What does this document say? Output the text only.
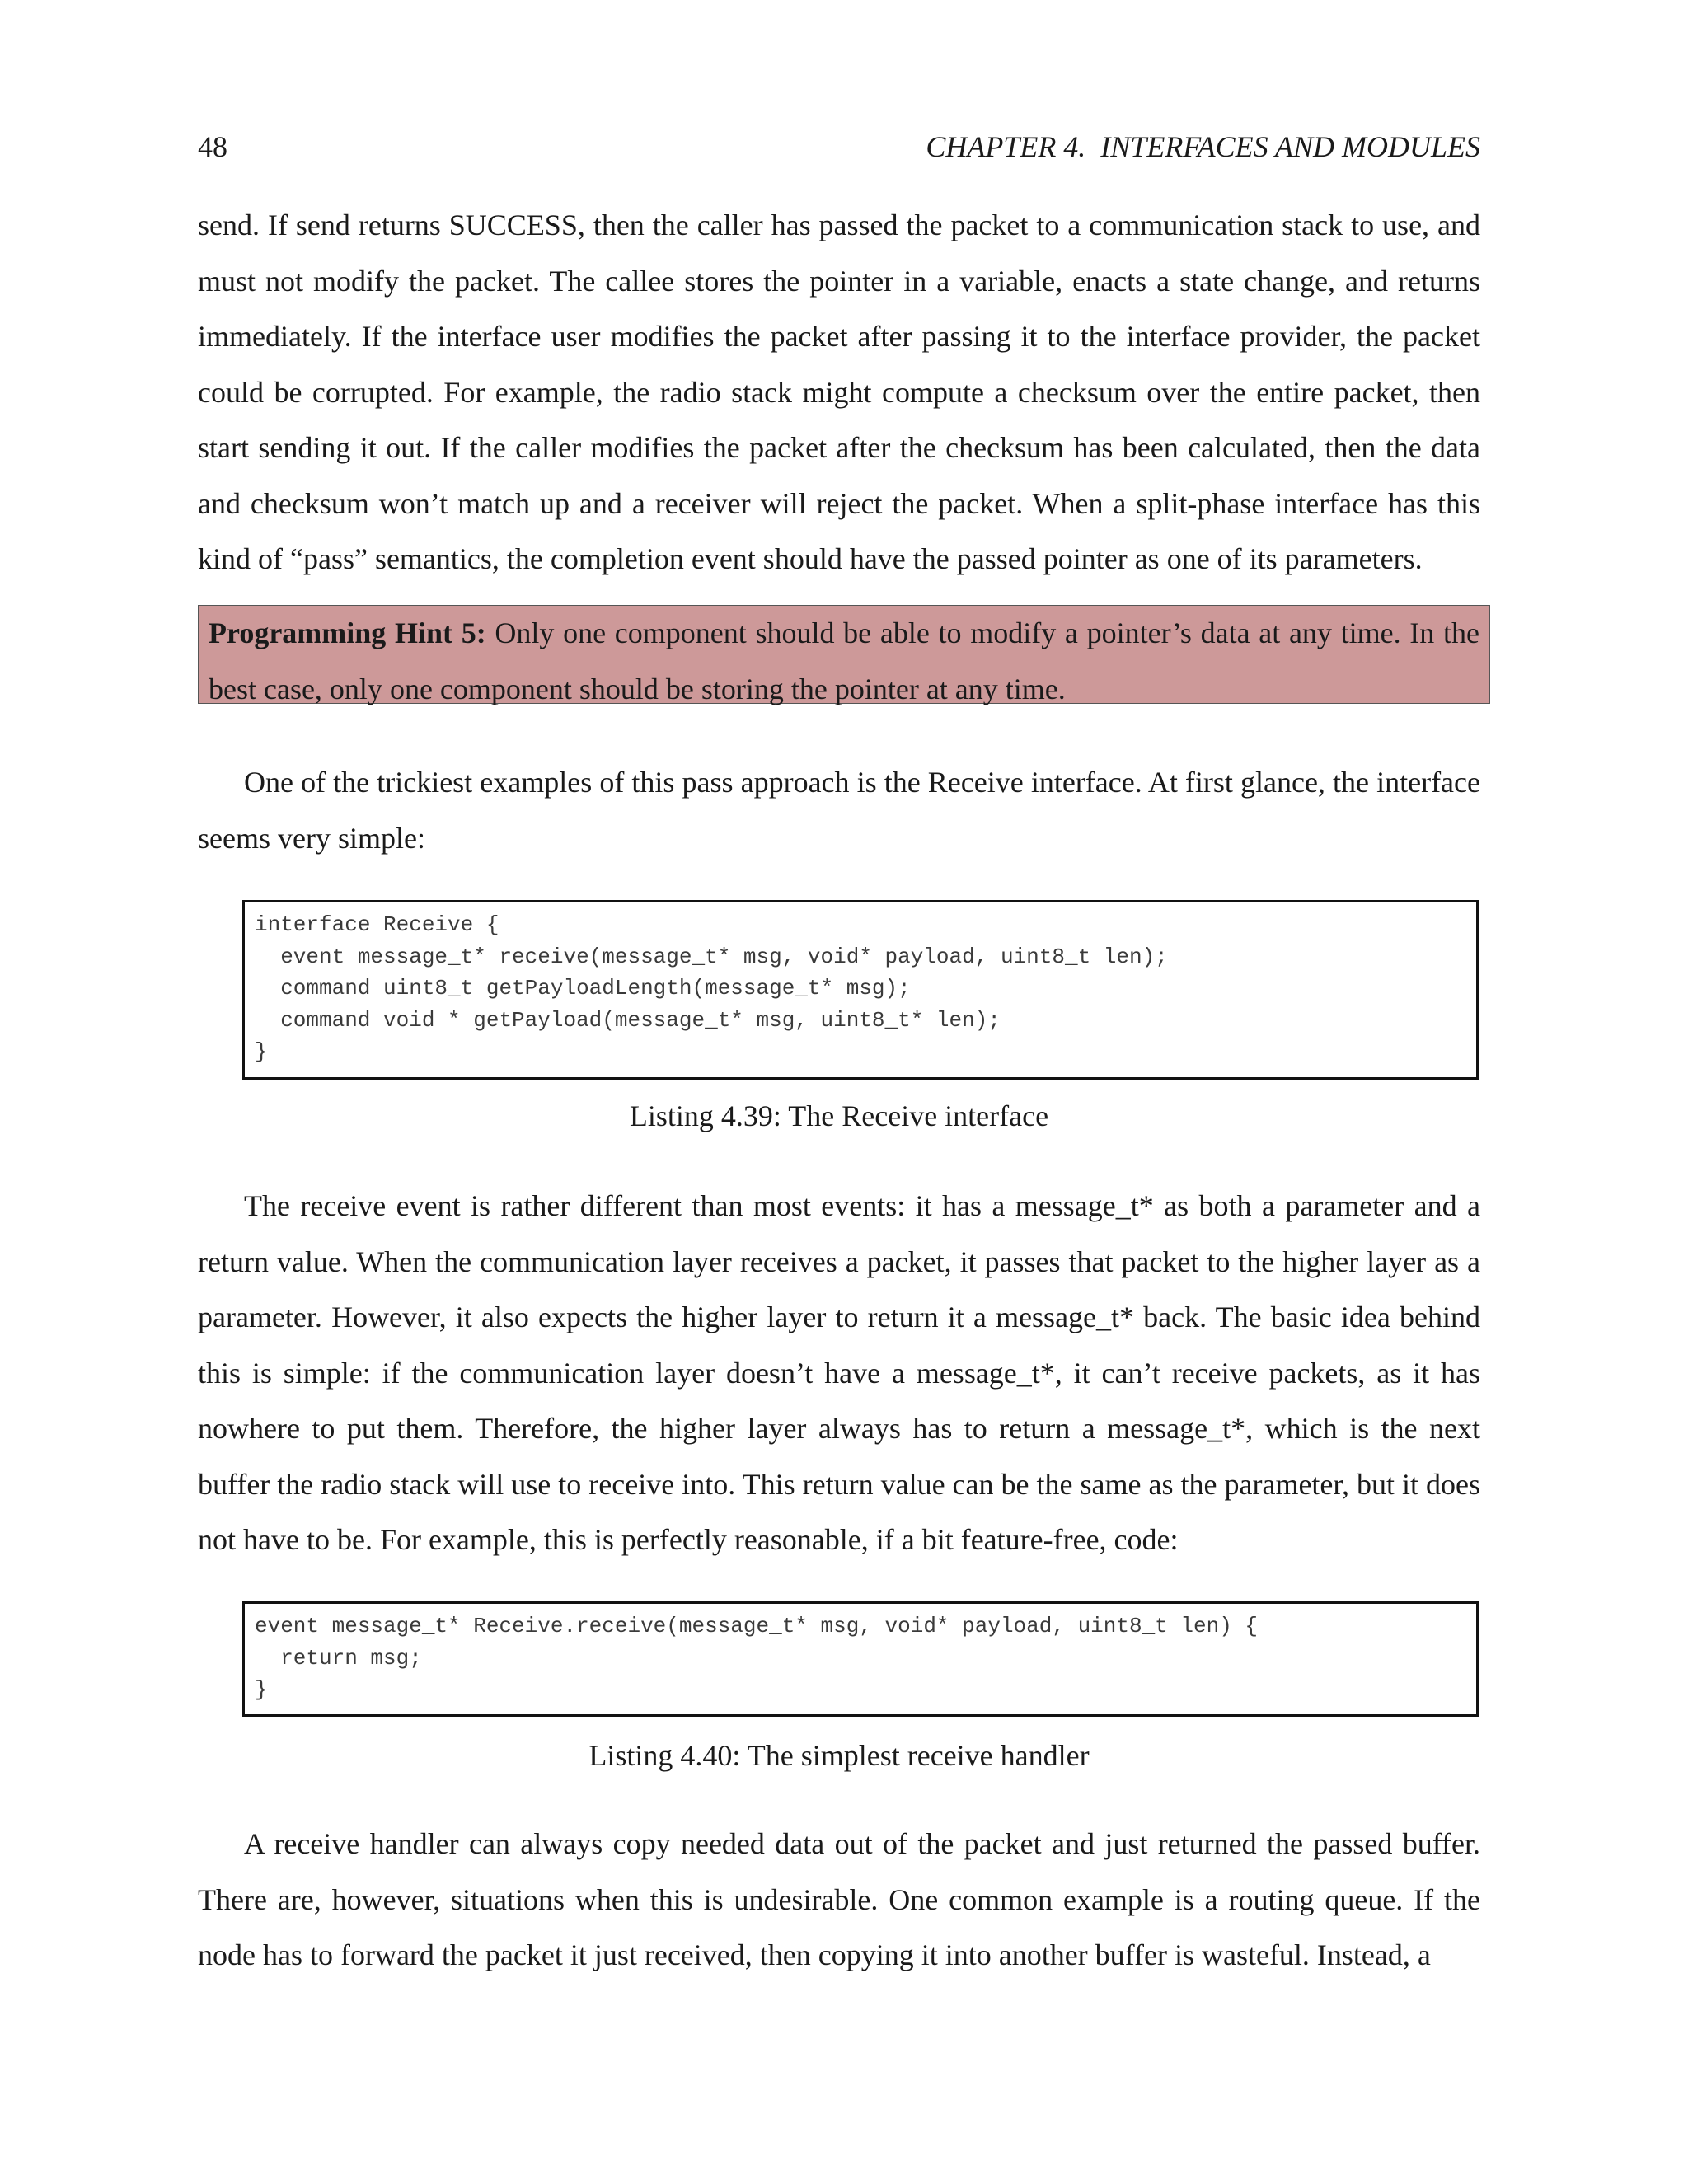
48	CHAPTER 4.  INTERFACES AND MODULES

send. If send returns SUCCESS, then the caller has passed the packet to a communication stack to use, and must not modify the packet. The callee stores the pointer in a variable, enacts a state change, and returns immediately. If the interface user modifies the packet after passing it to the interface provider, the packet could be corrupted. For example, the radio stack might compute a checksum over the entire packet, then start sending it out. If the caller modifies the packet after the checksum has been calculated, then the data and checksum won’t match up and a receiver will reject the packet. When a split-phase interface has this kind of “pass” semantics, the completion event should have the passed pointer as one of its parameters.

Programming Hint 5: Only one component should be able to modify a pointer’s data at any time. In the best case, only one component should be storing the pointer at any time.

One of the trickiest examples of this pass approach is the Receive interface. At first glance, the interface seems very simple:

interface Receive {
event message_t* receive(message_t* msg, void* payload, uint8_t len);
command uint8_t getPayloadLength(message_t* msg);
command void * getPayload(message_t* msg, uint8_t* len);
}
Listing 4.39: The Receive interface

The receive event is rather different than most events: it has a message_t* as both a parameter and a return value. When the communication layer receives a packet, it passes that packet to the higher layer as a parameter. However, it also expects the higher layer to return it a message_t* back. The basic idea behind this is simple: if the communication layer doesn’t have a message_t*, it can’t receive packets, as it has nowhere to put them. Therefore, the higher layer always has to return a message_t*, which is the next buffer the radio stack will use to receive into. This return value can be the same as the parameter, but it does not have to be. For example, this is perfectly reasonable, if a bit feature-free, code:

event message_t* Receive.receive(message_t* msg, void* payload, uint8_t len) {
return msg;
}
Listing 4.40: The simplest receive handler

A receive handler can always copy needed data out of the packet and just returned the passed buffer. There are, however, situations when this is undesirable. One common example is a routing queue. If the node has to forward the packet it just received, then copying it into another buffer is wasteful. Instead, a
